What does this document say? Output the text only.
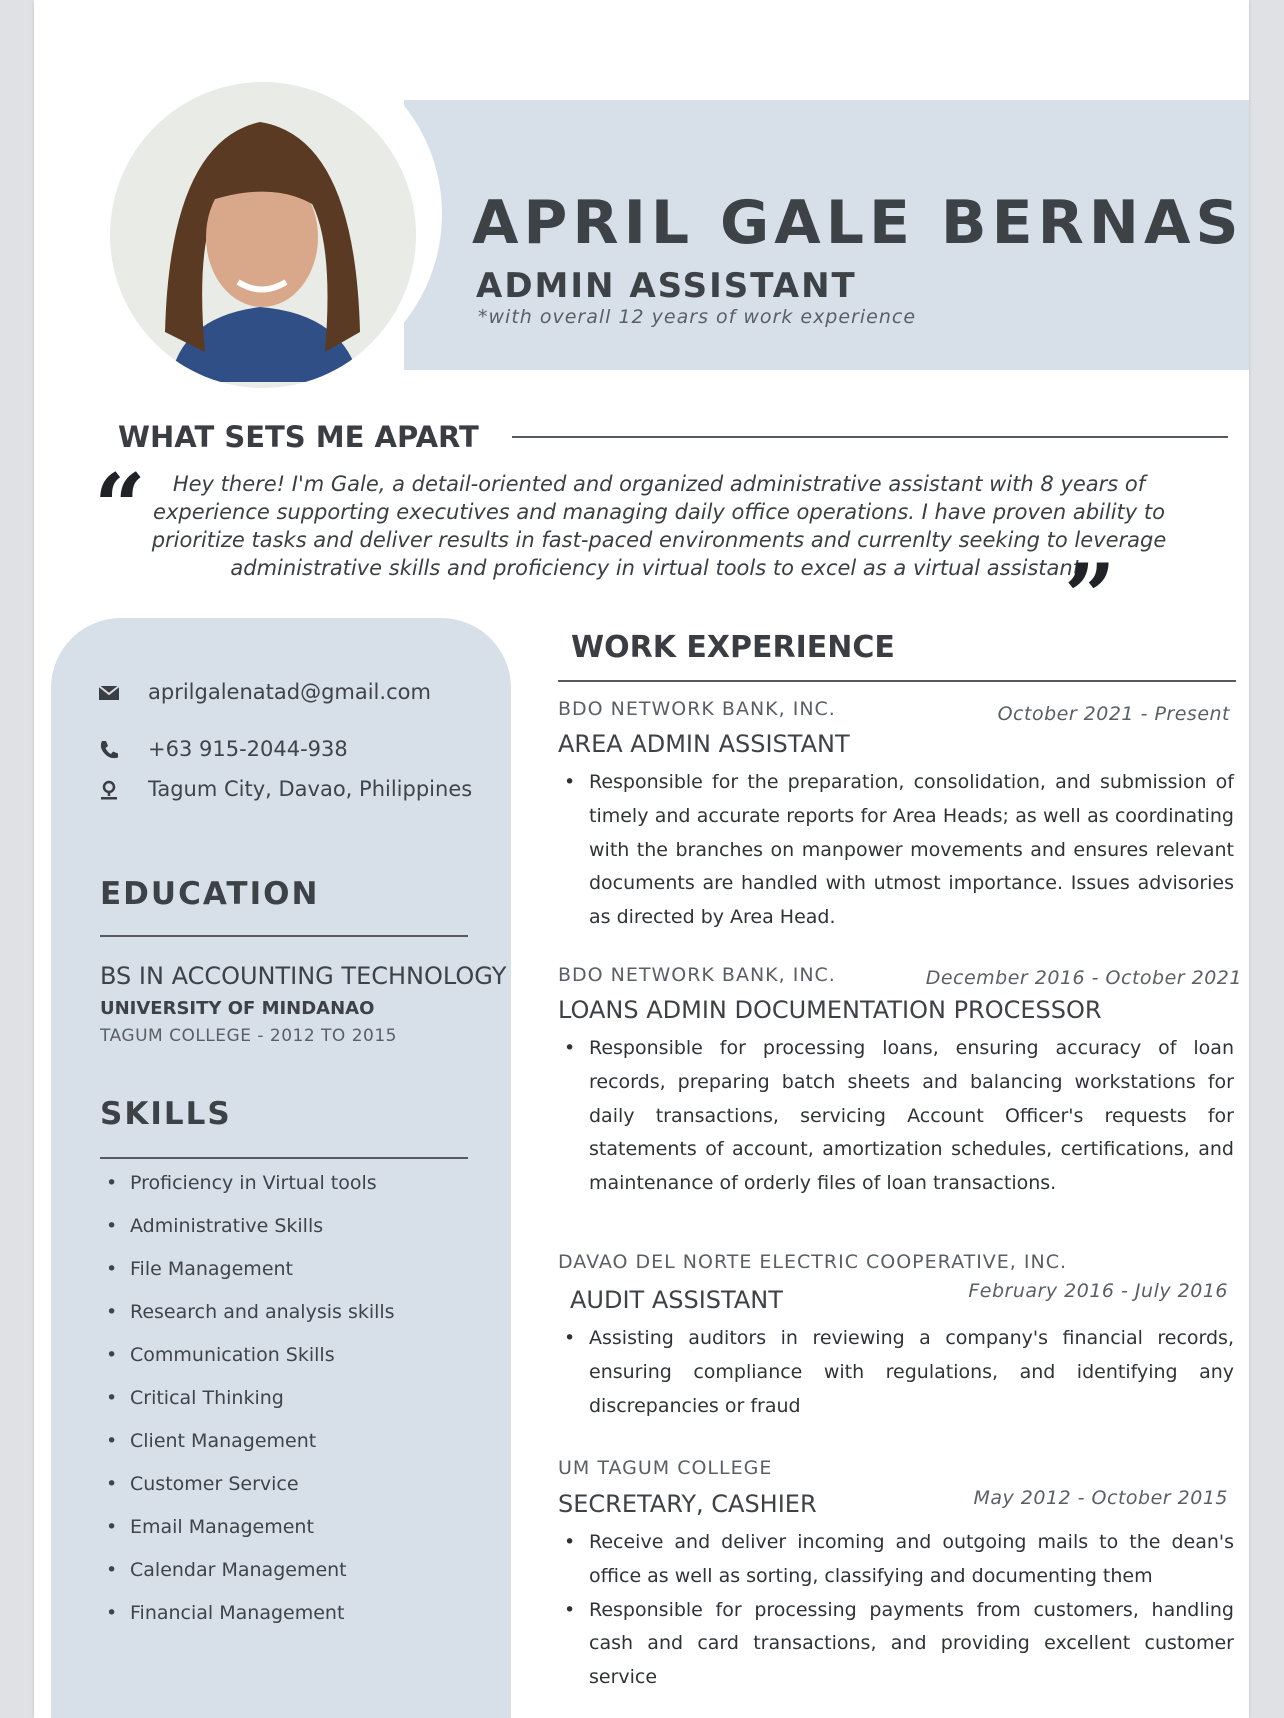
APRIL GALE BERNAS
ADMIN ASSISTANT
*with overall 12 years of work experience
WHAT SETS ME APART
“	Hey there! I'm Gale, a detail-oriented and organized administrative assistant with 8 years of experience supporting executives and managing daily office operations. I have proven ability to prioritize tasks and deliver results in fast-paced environments and currenlty seeking to leverage administrative skills and proficiency in virtual tools to excel as a virtual assistant.
”
aprilgalenatad@gmail.com
+63 915-2044-938
Tagum City, Davao, Philippines
EDUCATION
BS IN ACCOUNTING TECHNOLOGY
UNIVERSITY OF MINDANAO
TAGUM COLLEGE - 2012 TO 2015
SKILLS
• Proficiency in Virtual tools
• Administrative Skills
• File Management
• Research and analysis skills
• Communication Skills
• Critical Thinking
• Client Management
• Customer Service
• Email Management
• Calendar Management
• Financial Management
WORK EXPERIENCE
BDO NETWORK BANK, INC.	October 2021 - Present
AREA ADMIN ASSISTANT
• Responsible for the preparation, consolidation, and submission of timely and accurate reports for Area Heads; as well as coordinating with the branches on manpower movements and ensures relevant documents are handled with utmost importance. Issues advisories as directed by Area Head.
BDO NETWORK BANK, INC.	December 2016 - October 2021
LOANS ADMIN DOCUMENTATION PROCESSOR
• Responsible for processing loans, ensuring accuracy of loan records, preparing batch sheets and balancing workstations for daily transactions, servicing Account Officer's requests for statements of account, amortization schedules, certifications, and maintenance of orderly files of loan transactions.
DAVAO DEL NORTE ELECTRIC COOPERATIVE, INC.
February 2016 - July 2016
AUDIT ASSISTANT
• Assisting auditors in reviewing a company's financial records, ensuring compliance with regulations, and identifying any discrepancies or fraud
UM TAGUM COLLEGE
May 2012 - October 2015
SECRETARY, CASHIER
• Receive and deliver incoming and outgoing mails to the dean's office as well as sorting, classifying and documenting them
• Responsible for processing payments from customers, handling cash and card transactions, and providing excellent customer service
